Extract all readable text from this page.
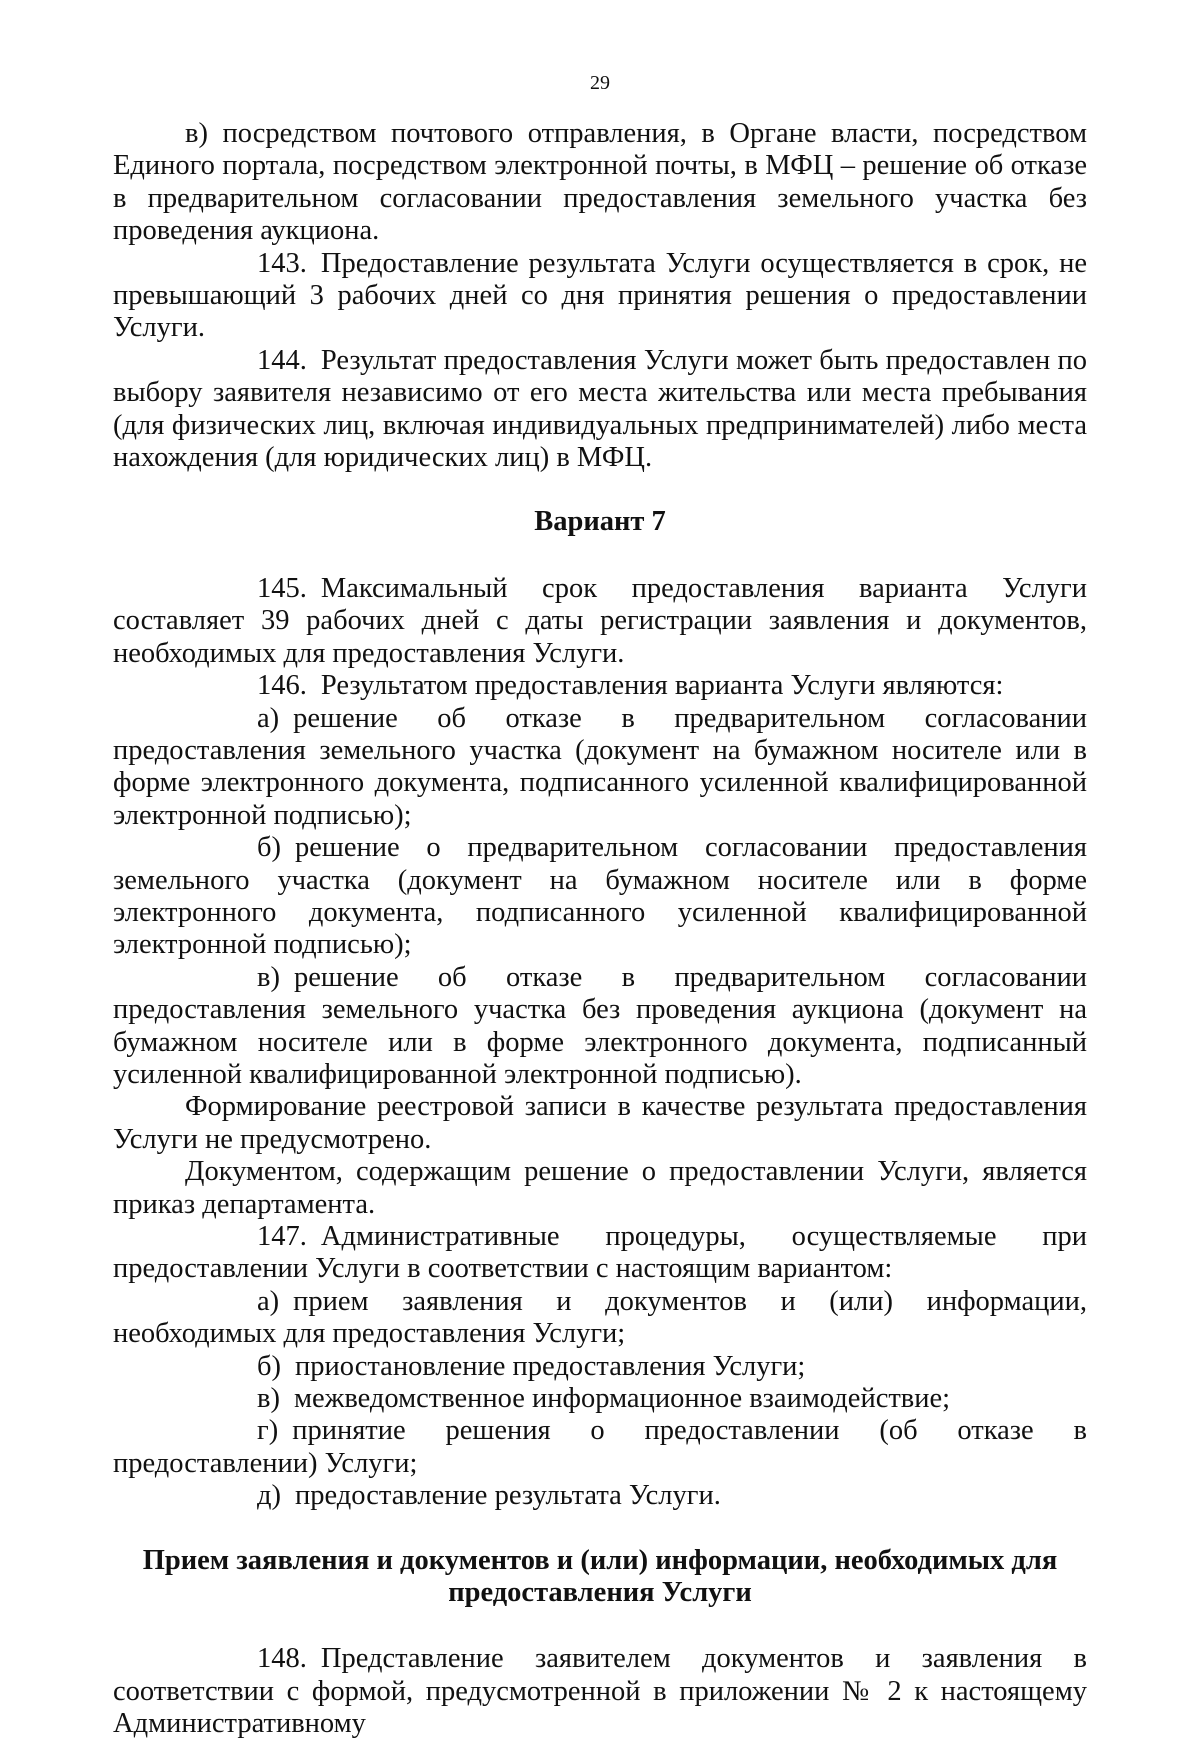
29

в) посредством почтового отправления, в Органе власти, посредством Единого портала, посредством электронной почты, в МФЦ – решение об отказе в предварительном согласовании предоставления земельного участка без проведения аукциона.

143. Предоставление результата Услуги осуществляется в срок, не превышающий 3 рабочих дней со дня принятия решения о предоставлении Услуги.

144. Результат предоставления Услуги может быть предоставлен по выбору заявителя независимо от его места жительства или места пребывания (для физических лиц, включая индивидуальных предпринимателей) либо места нахождения (для юридических лиц) в МФЦ.

Вариант 7

145. Максимальный срок предоставления варианта Услуги составляет 39 рабочих дней с даты регистрации заявления и документов, необходимых для предоставления Услуги.

146. Результатом предоставления варианта Услуги являются:

а) решение об отказе в предварительном согласовании предоставления земельного участка (документ на бумажном носителе или в форме электронного документа, подписанного усиленной квалифицированной электронной подписью);

б) решение о предварительном согласовании предоставления земельного участка (документ на бумажном носителе или в форме электронного документа, подписанного усиленной квалифицированной электронной подписью);

в) решение об отказе в предварительном согласовании предоставления земельного участка без проведения аукциона (документ на бумажном носителе или в форме электронного документа, подписанный усиленной квалифицированной электронной подписью).

Формирование реестровой записи в качестве результата предоставления Услуги не предусмотрено.

Документом, содержащим решение о предоставлении Услуги, является приказ департамента.

147. Административные процедуры, осуществляемые при предоставлении Услуги в соответствии с настоящим вариантом:

а) прием заявления и документов и (или) информации, необходимых для предоставления Услуги;

б) приостановление предоставления Услуги;

в) межведомственное информационное взаимодействие;

г) принятие решения о предоставлении (об отказе в предоставлении) Услуги;

д) предоставление результата Услуги.

Прием заявления и документов и (или) информации, необходимых для
предоставления Услуги

148. Представление заявителем документов и заявления в соответствии с формой, предусмотренной в приложении № 2 к настоящему Административному
